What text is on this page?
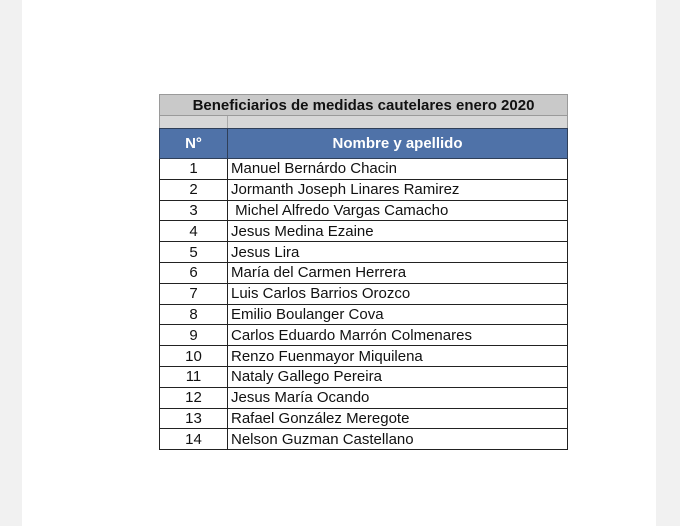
Beneficiarios de medidas cautelares enero 2020
N°	Nombre y apellido
1	Manuel Bernárdo Chacin
2	Jormanth Joseph Linares Ramirez
3	Michel Alfredo Vargas Camacho
4	Jesus Medina Ezaine
5	Jesus Lira
6	María del Carmen Herrera
7	Luis Carlos Barrios Orozco
8	Emilio Boulanger Cova
9	Carlos Eduardo Marrón Colmenares
10	Renzo Fuenmayor Miquilena
11	Nataly Gallego Pereira
12	Jesus María Ocando
13	Rafael González Meregote
14	Nelson Guzman Castellano
